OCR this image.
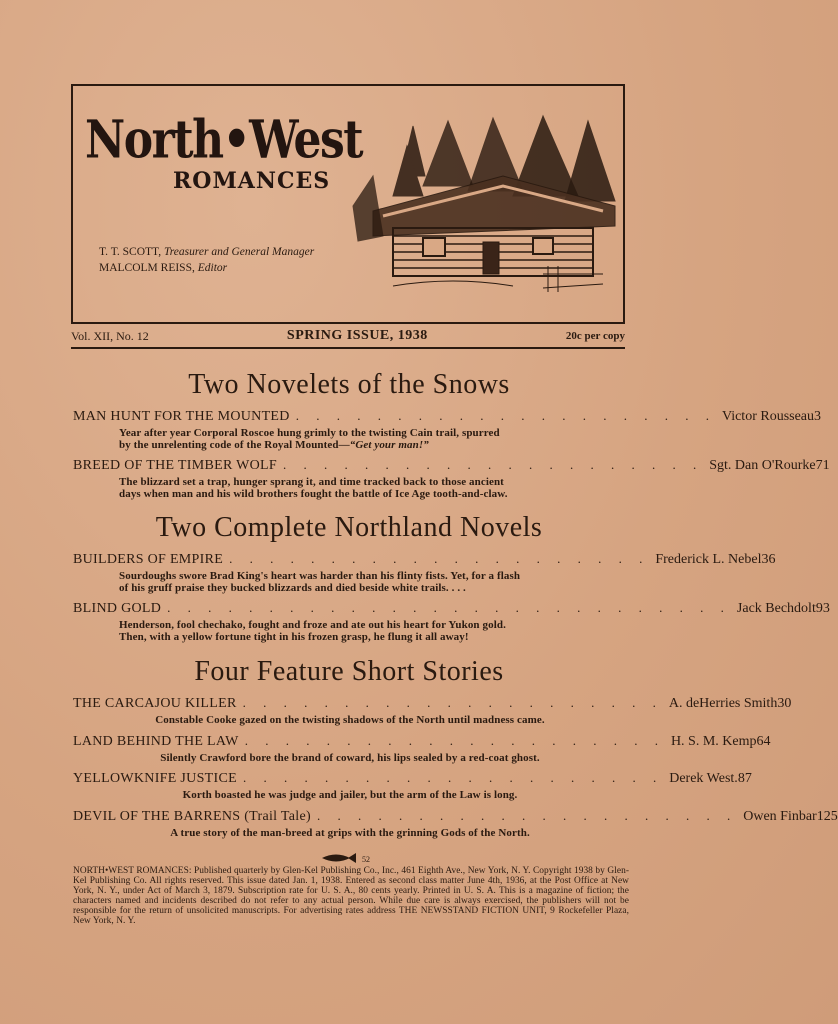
North•West
ROMANCES
T. T. SCOTT, Treasurer and General Manager
MALCOLM REISS, Editor
Vol. XII, No. 12	SPRING ISSUE, 1938	20c per copy
Two Novelets of the Snows
MAN HUNT FOR THE MOUNTED . . . . . . . . . . . . . . . . . . . . . Victor Rousseau 3
Year after year Corporal Roscoe hung grimly to the twisting Cain trail, spurred
by the unrelenting code of the Royal Mounted—“Get your man!”
BREED OF THE TIMBER WOLF . . . . . . . . . . . . . . . . . . . . . Sgt. Dan O'Rourke 71
The blizzard set a trap, hunger sprang it, and time tracked back to those ancient
days when man and his wild brothers fought the battle of Ice Age tooth-and-claw.
Two Complete Northland Novels
BUILDERS OF EMPIRE . . . . . . . . . . . . . . . . . . . . . Frederick L. Nebel 36
Sourdoughs swore Brad King's heart was harder than his flinty fists. Yet, for a flash
of his gruff praise they bucked blizzards and died beside white trails. . . .
BLIND GOLD . . . . . . . . . . . . . . . . . . . . . . . . . . . . Jack Bechdolt 93
Henderson, fool chechako, fought and froze and ate out his heart for Yukon gold.
Then, with a yellow fortune tight in his frozen grasp, he flung it all away!
Four Feature Short Stories
THE CARCAJOU KILLER . . . . . . . . . . . . . . . . . . . . . A. deHerries Smith 30
Constable Cooke gazed on the twisting shadows of the North until madness came.
LAND BEHIND THE LAW . . . . . . . . . . . . . . . . . . . . . H. S. M. Kemp 64
Silently Crawford bore the brand of coward, his lips sealed by a red-coat ghost.
YELLOWKNIFE JUSTICE . . . . . . . . . . . . . . . . . . . . . Derek West. 87
Korth boasted he was judge and jailer, but the arm of the Law is long.
DEVIL OF THE BARRENS (Trail Tale) . . . . . . . . . . . . . . . . . . . . . Owen Finbar 125
A true story of the man-breed at grips with the grinning Gods of the North.
52
NORTH•WEST ROMANCES: Published quarterly by Glen-Kel Publishing Co., Inc., 461 Eighth Ave., New York, N. Y. Copyright 1938 by Glen-Kel Publishing Co. All rights reserved. This issue dated Jan. 1, 1938. Entered as second class matter June 4th, 1936, at the Post Office at New York, N. Y., under Act of March 3, 1879. Subscription rate for U. S. A., 80 cents yearly. Printed in U. S. A. This is a magazine of fiction; the characters named and incidents described do not refer to any actual person. While due care is always exercised, the publishers will not be responsible for the return of unsolicited manuscripts. For advertising rates address THE NEWSSTAND FICTION UNIT, 9 Rockefeller Plaza, New York, N. Y.
